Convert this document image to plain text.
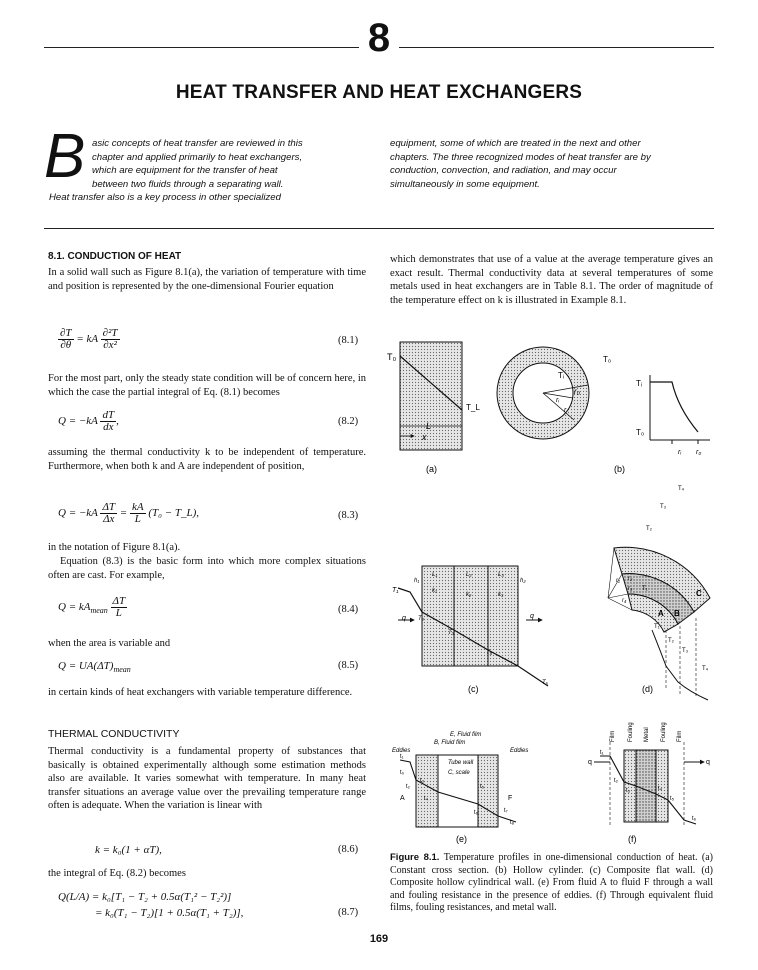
8
HEAT TRANSFER AND HEAT EXCHANGERS
B asic concepts of heat transfer are reviewed in this
chapter and applied primarily to heat exchangers,
which are equipment for the transfer of heat
between two fluids through a separating wall.
Heat transfer also is a key process in other specialized
equipment, some of which are treated in the next and other
chapters. The three recognized modes of heat transfer are by
conduction, convection, and radiation, and may occur
simultaneously in some equipment.
8.1. CONDUCTION OF HEAT
In a solid wall such as Figure 8.1(a), the variation of temperature with time and position is represented by the one-dimensional Fourier equation
$\frac{\partial T}{\partial\theta}$ = kA $\frac{\text{∂²T}}{\text{∂x²}}$	(8.1)
For the most part, only the steady state condition will be of concern here, in which the case the partial integral of Eq. (8.1) becomes
$Q = -kA \frac{dT}{dx}$ ,	(8.2)
assuming the thermal conductivity k to be independent of temperature. Furthermore, when both k and A are independent of position,
$Q = -kA \frac{\Delta T}{\Delta x} = \frac{kA}{L} (T_0$ − T_L),	(8.3)
in the notation of Figure 8.1(a).
Equation (8.3) is the basic form into which more complex situations often are cast. For example,
$Q = kA_{mean} \frac{\Delta T}{L}$	(8.4)
when the area is variable and
$Q = UA(\Delta T)_{mean}$	(8.5)
in certain kinds of heat exchangers with variable temperature difference.
THERMAL CONDUCTIVITY
Thermal conductivity is a fundamental property of substances that basically is obtained experimentally although some estimation methods also are available. It varies somewhat with temperature. In many heat transfer situations an average value over the prevailing temperature range often is adequate. When the variation is linear with
k = k₀(1 + αT),	(8.6)
the integral of Eq. (8.2) becomes
Q(L/A) = k₀[T₁ − T₂ + 0.5α(T₁² − T₂²)]
= k₀(T₁ − T₂)[1 + 0.5α(T₁ + T₂)],	(8.7)
which demonstrates that use of a value at the average temperature gives an exact result. Thermal conductivity data at several temperatures of some metals used in heat exchangers are in Table 8.1. The order of magnitude of the temperature effect on k is illustrated in Example 8.1.
T₀
T_L
L
x
(a)
T₀
Tᵢ
r₀
rᵢ
r
Tᵢ
T₀
rᵢ r₀
(b)
T₁
T₂
T₃
T₄
T₅
L₁	L₂	L₃
k₁
k₂	k₃
h₁	h₂
q	q
(c)
T₁
T₂
T₃
T₄
A B
C
r₁ r₂
r₃
r₄
T₁
T₂
T₃
T₄
(d)
Eddies	Eddies
E, Fluid film
B, Fluid film
Tube wall
C, scale
A	F
t₁
t₀
t₂
t₃
t₄
t₅
t₆	t₇
t₈
(e)
Film Fouling Metal Fouling Film
q	q
t₁
t₂
t₃	t₄
t₅
t₆
(f)
Figure 8.1. Temperature profiles in one-dimensional conduction of heat. (a) Constant cross section. (b) Hollow cylinder. (c) Composite flat wall. (d) Composite hollow cylindrical wall. (e) From fluid A to fluid F through a wall and fouling resistance in the presence of eddies. (f) Through equivalent fluid films, fouling resistances, and metal wall.
169
